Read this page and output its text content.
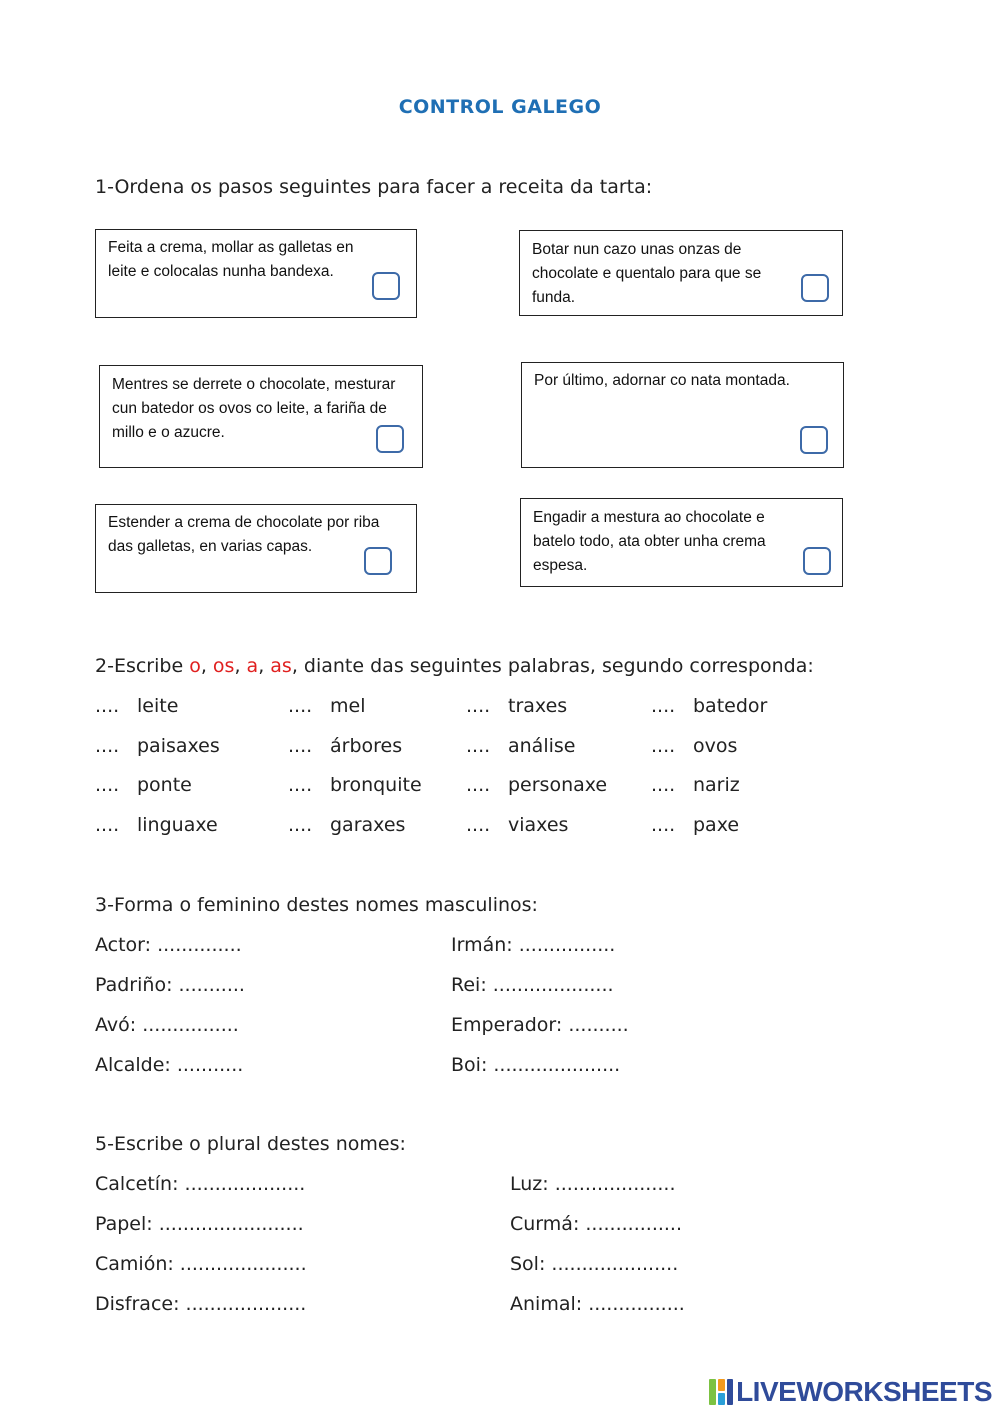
CONTROL GALEGO
1-Ordena os pasos seguintes para facer a receita da tarta:
Feita a crema, mollar as galletas en leite e colocalas nunha bandexa.
Botar nun cazo unas onzas de chocolate e quentalo para que se funda.
Mentres se derrete o chocolate, mesturar cun batedor os ovos co leite, a fariña de millo e o azucre.
Por último, adornar co nata montada.
Estender a crema de chocolate por riba das galletas, en varias capas.
Engadir a mestura ao chocolate e batelo todo, ata obter unha crema espesa.
2-Escribe o, os, a, as, diante das seguintes palabras, segundo corresponda:
.... leite	.... mel	.... traxes	.... batedor
.... paisaxes	.... árbores	.... análise	.... ovos
.... ponte	.... bronquite .... personaxe .... nariz
.... linguaxe	.... garaxes	.... viaxes	.... paxe
3-Forma o feminino destes nomes masculinos:
Actor: ..............	Irmán: ................
Padriño: ...........	Rei: ....................
Avó: ................	Emperador: ..........
Alcalde: ...........	Boi: .....................
5-Escribe o plural destes nomes:
Calcetín: ....................	Luz: ....................
Papel: ........................	Curmá: ................
Camión: .....................	Sol: .....................
Disfrace: ....................	Animal: ................
LIVEWORKSHEETS
